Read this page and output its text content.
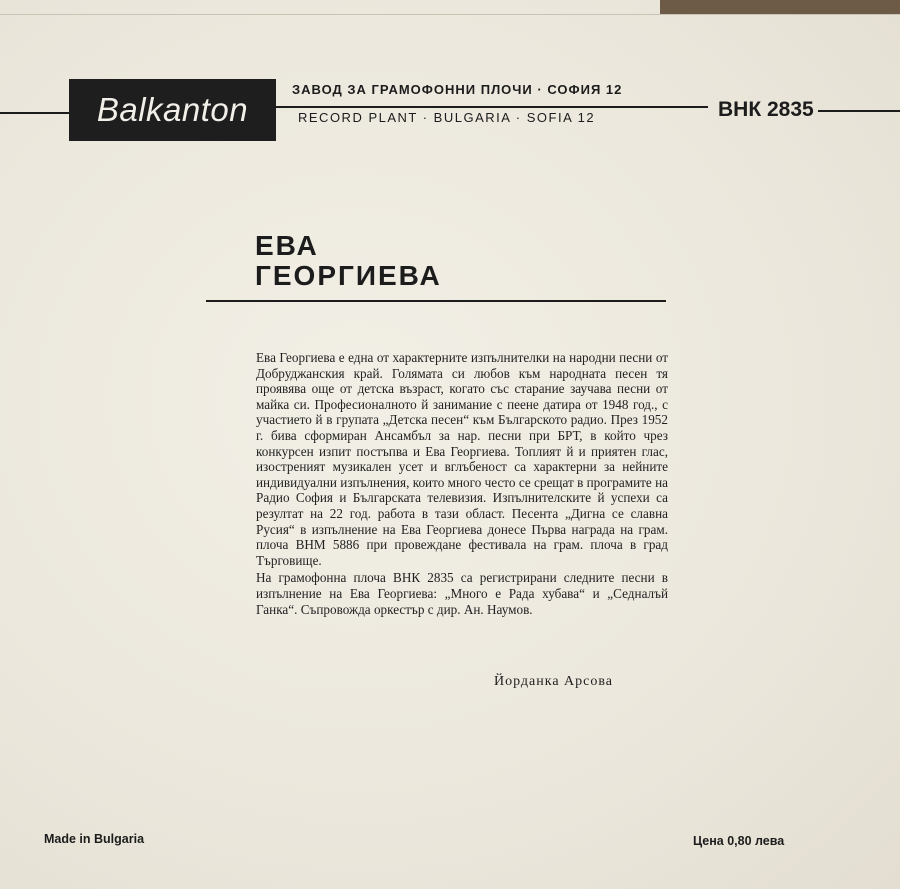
Balkanton
ЗАВОД ЗА ГРАМОФОННИ ПЛОЧИ · СОФИЯ 12
RECORD PLANT · BULGARIA · SOFIA 12	ВНК 2835
ЕВА
ГЕОРГИЕВА

Ева Георгиева е една от характерните изпълнителки на народни песни от Добруджанския край. Голямата си любов към народната песен тя проявява още от детска възраст, когато със старание заучава песни от майка си. Професионалното й занимание с пеене датира от 1948 год., с участието й в групата „Детска песен“ към Българското радио. През 1952 г. бива сформиран Ансамбъл за нар. песни при БРТ, в който чрез конкурсен изпит постъпва и Ева Георгиева. Топлият й и приятен глас, изостреният музикален усет и вглъбеност са характерни за нейните индивидуални изпълнения, които много често се срещат в програмите на Радио София и Българската телевизия. Изпълнителските й успехи са резултат на 22 год. работа в тази област. Песента „Дигна се славна Русия“ в изпълнение на Ева Георгиева донесе Първа награда на грам. плоча ВНМ 5886 при провеждане фестивала на грам. плоча в град Търговище.

На грамофонна плоча ВНК 2835 са регистрирани следните песни в изпълнение на Ева Георгиева: „Много е Рада хубава“ и „Седналъй Ганка“. Съпровожда оркестър с дир. Ан. Наумов.

Йорданка Арсова
Made in Bulgaria	Цена 0,80 лева
